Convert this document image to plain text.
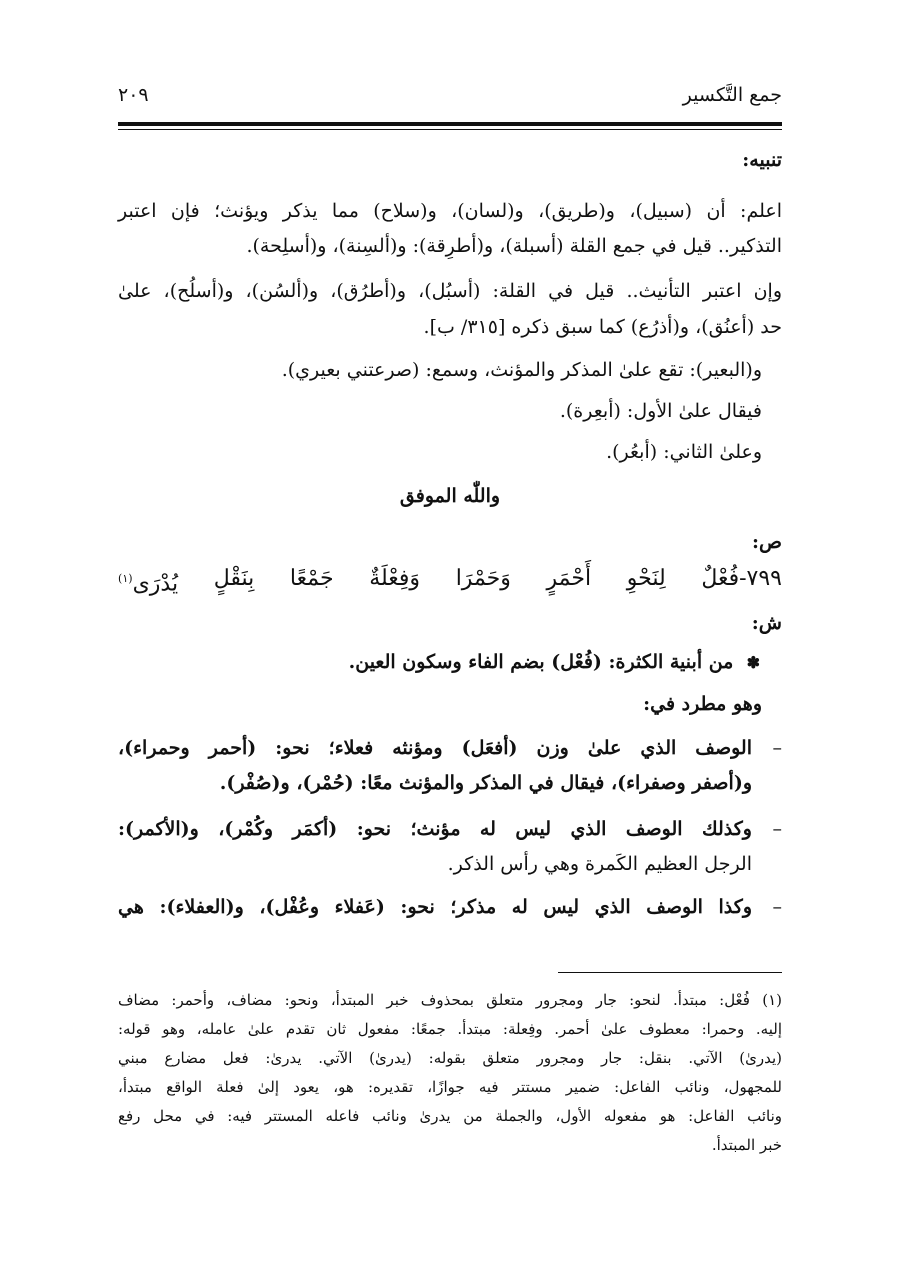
جمع التَّكسير
٢٠٩
تنبيه:
اعلم: أن (سبيل)، و(طريق)، و(لسان)، و(سلاح) مما يذكر ويؤنث؛ فإن اعتبر
التذكير.. قيل في جمع القلة (أسبلة)، و(أطرِقة): و(ألسِنة)، و(أسلِحة).
وإن اعتبر التأنيث.. قيل في القلة: (أسبُل)، و(أطرُق)، و(ألسُن)، و(أسلُح)، علىٰ
حد (أعنُق)، و(أذرُع) كما سبق ذكره [٣١٥/ ب].
و(البعير): تقع علىٰ المذكر والمؤنث، وسمع: (صرعتني بعيري).
فيقال علىٰ الأول: (أبعِرة).
وعلىٰ الثاني: (أبعُر).
واللّٰه الموفق
ص:
٧٩٩-فُعْلٌ
لِنَحْوِ
أَحْمَرٍ
وَحَمْرَا
وَفِعْلَةٌ
جَمْعًا
بِنَقْلٍ
يُدْرَى$^{(١)}$
ش:
✽  من أبنية الكثرة: (فُعْل) بضم الفاء وسكون العين.
وهو مطرد في:
–الوصف الذي علىٰ وزن (أفعَل) ومؤنثه فعلاء؛ نحو: (أحمر وحمراء)،
و(أصفر وصفراء)، فيقال في المذكر والمؤنث معًا: (حُمْر)، و(صُفْر).
–وكذلك الوصف الذي ليس له مؤنث؛ نحو: (أكمَر وكُمْر)، و(الأكمر):
الرجل العظيم الكَمرة وهي رأس الذكر.
–وكذا الوصف الذي ليس له مذكر؛ نحو: (عَفلاء وعُفْل)، و(العفلاء): هي
(١) فُعْل: مبتدأ. لنحو: جار ومجرور متعلق بمحذوف خبر المبتدأ، ونحو: مضاف، وأحمر: مضاف
إليه. وحمرا: معطوف علىٰ أحمر. وفِعلة: مبتدأ. جمعًا: مفعول ثان تقدم علىٰ عامله، وهو قوله:
(يدرىٰ) الآتي. بنقل: جار ومجرور متعلق بقوله: (يدرىٰ) الآتي. يدرىٰ: فعل مضارع مبني
للمجهول، ونائب الفاعل: ضمير مستتر فيه جوازًا، تقديره: هو، يعود إلىٰ فعلة الواقع مبتدأ،
ونائب الفاعل: هو مفعوله الأول، والجملة من يدرىٰ ونائب فاعله المستتر فيه: في محل رفع
خبر المبتدأ.
